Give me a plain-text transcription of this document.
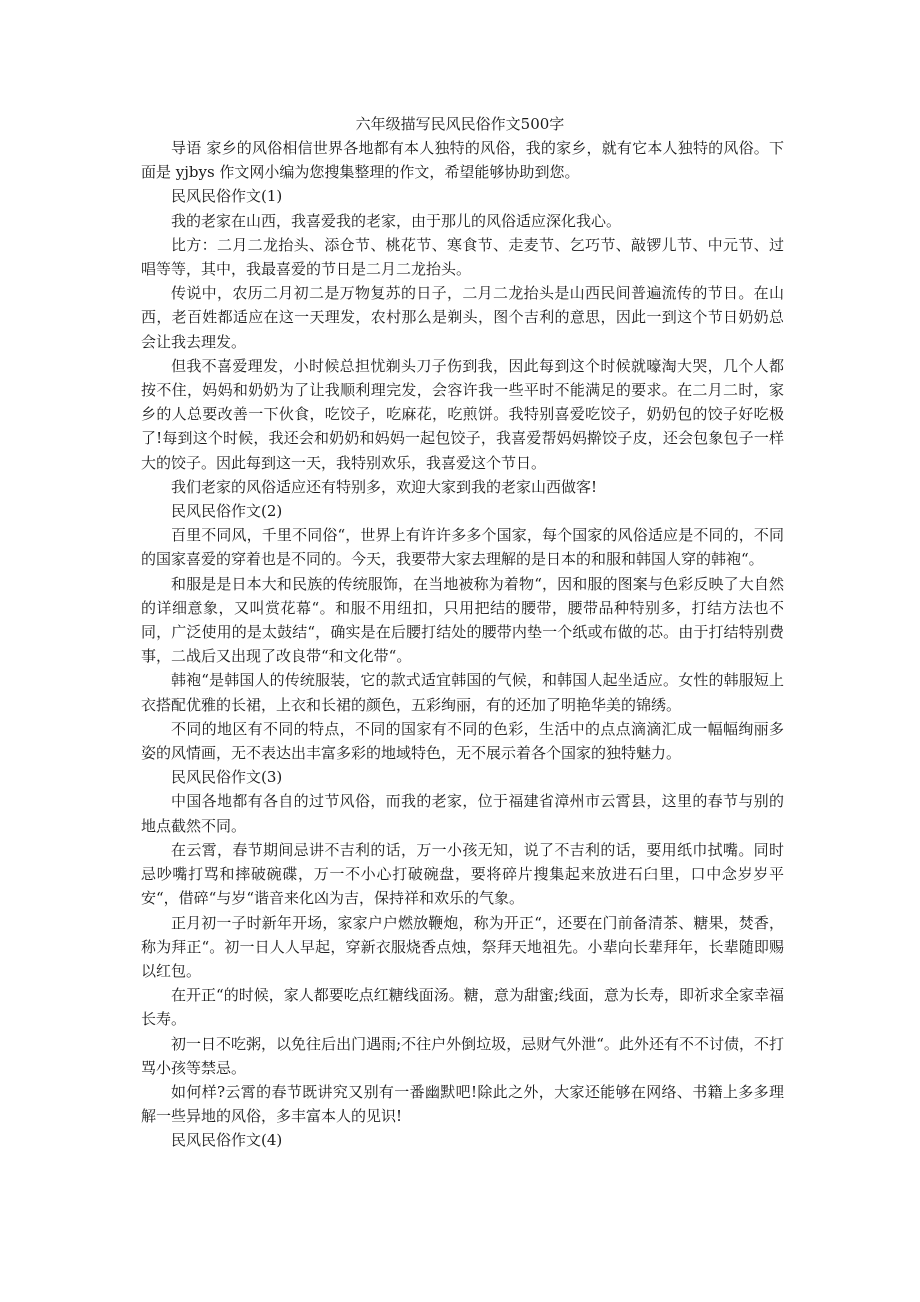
六年级描写民风民俗作文500字

导语 家乡的风俗相信世界各地都有本人独特的风俗，我的家乡，就有它本人独特的风俗。下面是 yjbys 作文网小编为您搜集整理的作文，希望能够协助到您。

民风民俗作文(1)

我的老家在山西，我喜爱我的老家，由于那儿的风俗适应深化我心。

比方：二月二龙抬头、添仓节、桃花节、寒食节、走麦节、乞巧节、敲锣儿节、中元节、过唱等等，其中，我最喜爱的节日是二月二龙抬头。

传说中，农历二月初二是万物复苏的日子，二月二龙抬头是山西民间普遍流传的节日。在山西，老百姓都适应在这一天理发，农村那么是剃头，图个吉利的意思，因此一到这个节日奶奶总会让我去理发。

但我不喜爱理发，小时候总担忧剃头刀子伤到我，因此每到这个时候就嚎淘大哭，几个人都按不住，妈妈和奶奶为了让我顺利理完发，会容许我一些平时不能满足的要求。在二月二时，家乡的人总要改善一下伙食，吃饺子，吃麻花，吃煎饼。我特别喜爱吃饺子，奶奶包的饺子好吃极了!每到这个时候，我还会和奶奶和妈妈一起包饺子，我喜爱帮妈妈擀饺子皮，还会包象包子一样大的饺子。因此每到这一天，我特别欢乐，我喜爱这个节日。

我们老家的风俗适应还有特别多，欢迎大家到我的老家山西做客!

民风民俗作文(2)

百里不同风，千里不同俗“，世界上有许许多多个国家，每个国家的风俗适应是不同的，不同的国家喜爱的穿着也是不同的。今天，我要带大家去理解的是日本的和服和韩国人穿的韩袍“。

和服是是日本大和民族的传统服饰，在当地被称为着物“，因和服的图案与色彩反映了大自然的详细意象，又叫赏花幕“。和服不用纽扣，只用把结的腰带，腰带品种特别多，打结方法也不同，广泛使用的是太鼓结“，确实是在后腰打结处的腰带内垫一个纸或布做的芯。由于打结特别费事，二战后又出现了改良带“和文化带“。

韩袍“是韩国人的传统服装，它的款式适宜韩国的气候，和韩国人起坐适应。女性的韩服短上衣搭配优雅的长裙，上衣和长裙的颜色，五彩绚丽，有的还加了明艳华美的锦绣。

不同的地区有不同的特点，不同的国家有不同的色彩，生活中的点点滴滴汇成一幅幅绚丽多姿的风情画，无不表达出丰富多彩的地域特色，无不展示着各个国家的独特魅力。

民风民俗作文(3)

中国各地都有各自的过节风俗，而我的老家，位于福建省漳州市云霄县，这里的春节与别的地点截然不同。

在云霄，春节期间忌讲不吉利的话，万一小孩无知，说了不吉利的话，要用纸巾拭嘴。同时忌吵嘴打骂和摔破碗碟，万一不小心打破碗盘，要将碎片搜集起来放进石臼里，口中念岁岁平安“，借碎“与岁“谐音来化凶为吉，保持祥和欢乐的气象。

正月初一子时新年开场，家家户户燃放鞭炮，称为开正“，还要在门前备清茶、糖果，焚香，称为拜正“。初一日人人早起，穿新衣服烧香点烛，祭拜天地祖先。小辈向长辈拜年，长辈随即赐以红包。

在开正“的时候，家人都要吃点红糖线面汤。糖，意为甜蜜;线面，意为长寿，即祈求全家幸福长寿。

初一日不吃粥，以免往后出门遇雨;不往户外倒垃圾，忌财气外泄“。此外还有不不讨债，不打骂小孩等禁忌。

如何样?云霄的春节既讲究又别有一番幽默吧!除此之外，大家还能够在网络、书籍上多多理解一些异地的风俗，多丰富本人的见识!

民风民俗作文(4)
